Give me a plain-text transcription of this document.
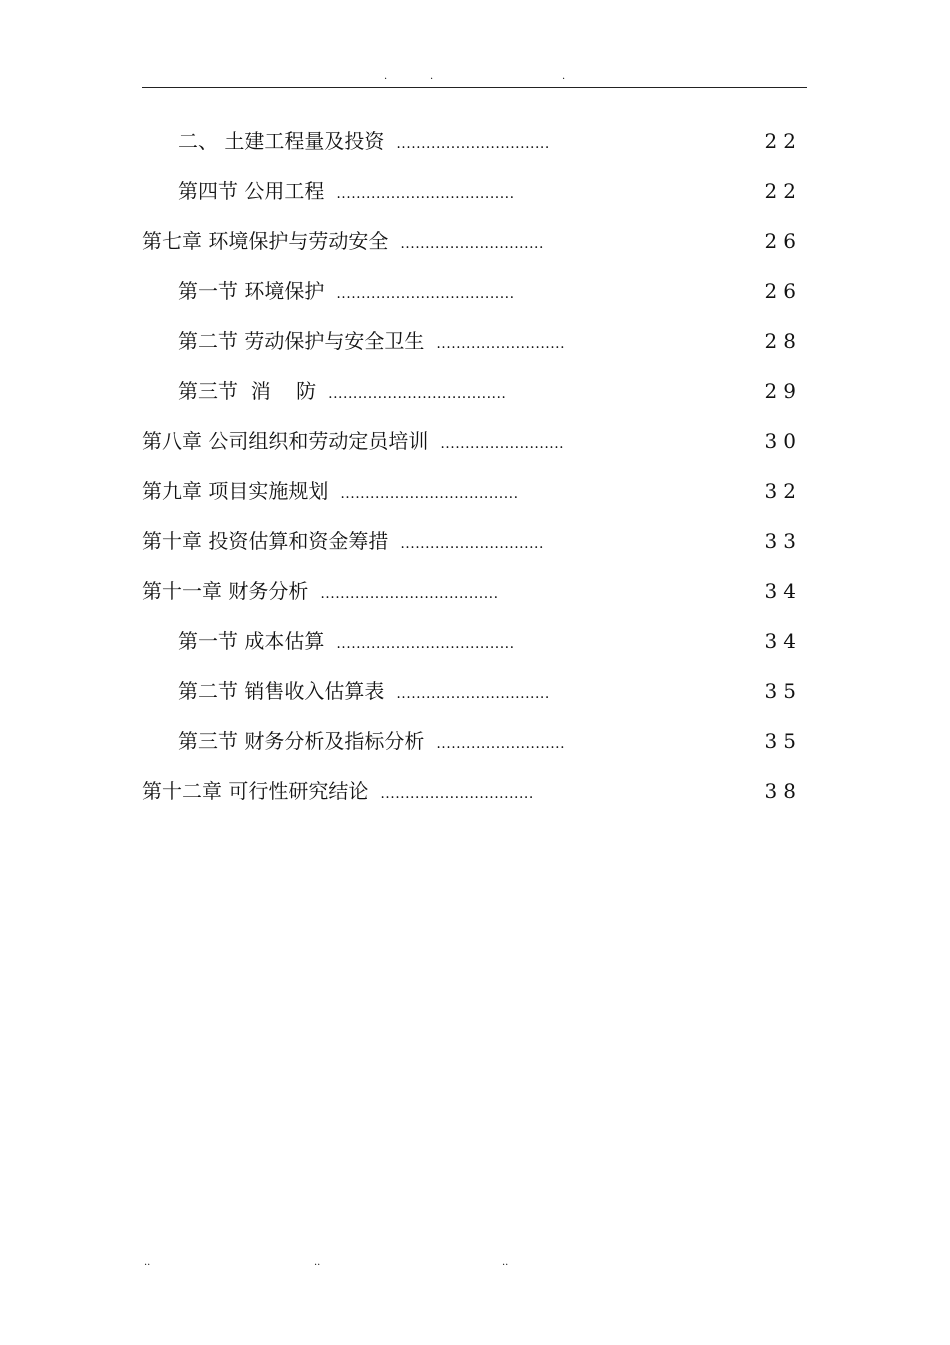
.	.	.
二、 土建工程量及投资 ...............................	22
第四节 公用工程 ....................................	22
第七章 环境保护与劳动安全 .............................	26
第一节 环境保护 ....................................	26
第二节 劳动保护与安全卫生 ..........................	28
第三节  消    防 ....................................	29
第八章 公司组织和劳动定员培训 .........................	30
第九章 项目实施规划 ....................................	32
第十章 投资估算和资金筹措 .............................	33
第十一章 财务分析 ....................................	34
第一节 成本估算 ....................................	34
第二节 销售收入估算表 ...............................	35
第三节 财务分析及指标分析 ..........................	35
第十二章 可行性研究结论 ...............................	38
..	..	..
